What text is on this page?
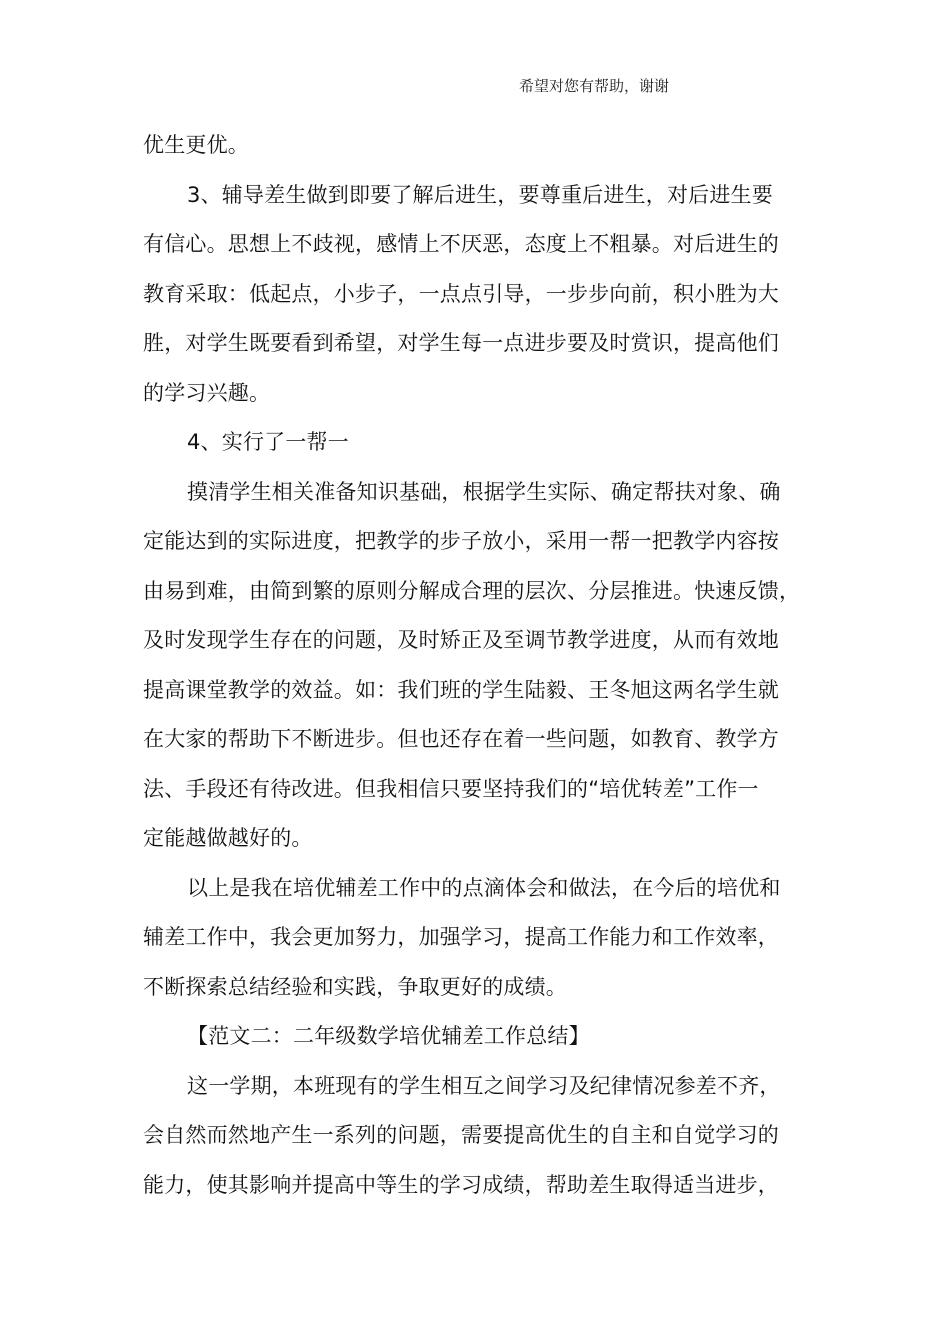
希望对您有帮助，谢谢
优生更优。
3、辅导差生做到即要了解后进生，要尊重后进生，对后进生要
有信心。思想上不歧视，感情上不厌恶，态度上不粗暴。对后进生的
教育采取：低起点，小步子，一点点引导，一步步向前，积小胜为大
胜，对学生既要看到希望，对学生每一点进步要及时赏识，提高他们
的学习兴趣。
4、实行了一帮一
摸清学生相关准备知识基础，根据学生实际、确定帮扶对象、确
定能达到的实际进度，把教学的步子放小，采用一帮一把教学内容按
由易到难，由简到繁的原则分解成合理的层次、分层推进。快速反馈，
及时发现学生存在的问题，及时矫正及至调节教学进度，从而有效地
提高课堂教学的效益。如：我们班的学生陆毅、王冬旭这两名学生就
在大家的帮助下不断进步。但也还存在着一些问题，如教育、教学方
法、手段还有待改进。但我相信只要坚持我们的“培优转差”工作一
定能越做越好的。
以上是我在培优辅差工作中的点滴体会和做法，在今后的培优和
辅差工作中，我会更加努力，加强学习，提高工作能力和工作效率，
不断探索总结经验和实践，争取更好的成绩。
【范文二：二年级数学培优辅差工作总结】
这一学期，本班现有的学生相互之间学习及纪律情况参差不齐，
会自然而然地产生一系列的问题，需要提高优生的自主和自觉学习的
能力，使其影响并提高中等生的学习成绩，帮助差生取得适当进步，
